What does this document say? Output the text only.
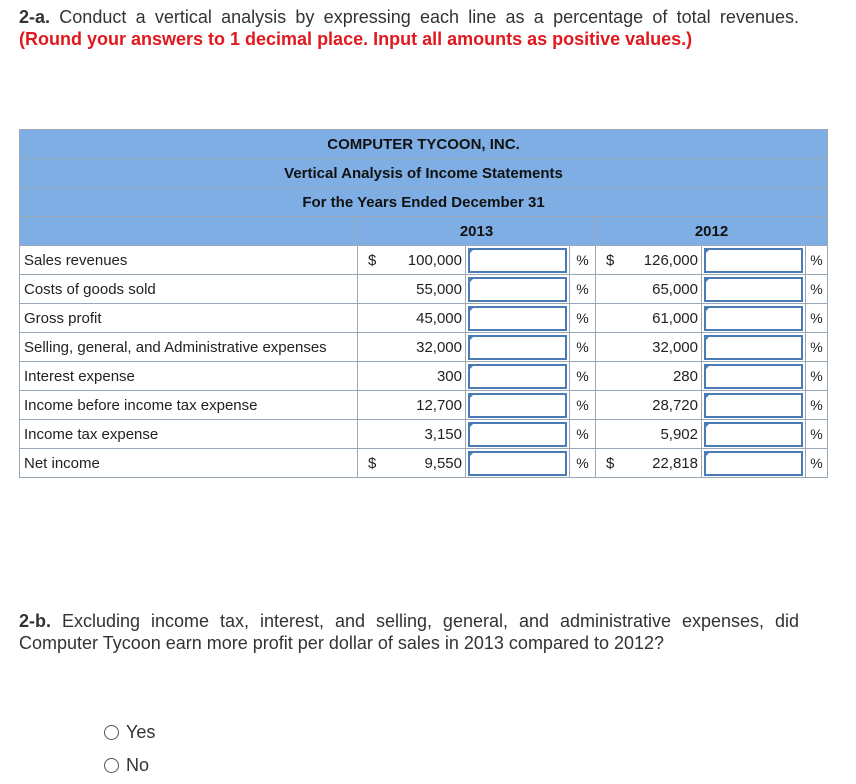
2-a. Conduct a vertical analysis by expressing each line as a percentage of total revenues. (Round your answers to 1 decimal place. Input all amounts as positive values.)
COMPUTER TYCOON, INC.						
Vertical Analysis of Income Statements						
For the Years Ended December 31						
	2013			2012		
Sales revenues	$ 100,000		%	$ 126,000		%
Costs of goods sold	55,000		%	65,000		%
Gross profit	45,000		%	61,000		%
Selling, general, and Administrative expenses	32,000		%	32,000		%
Interest expense	300		%	280		%
Income before income tax expense	12,700		%	28,720		%
Income tax expense	3,150		%	5,902		%
Net income	$ 9,550		%	$ 22,818		%
2-b. Excluding income tax, interest, and selling, general, and administrative expenses, did Computer Tycoon earn more profit per dollar of sales in 2013 compared to 2012?
Yes
No
